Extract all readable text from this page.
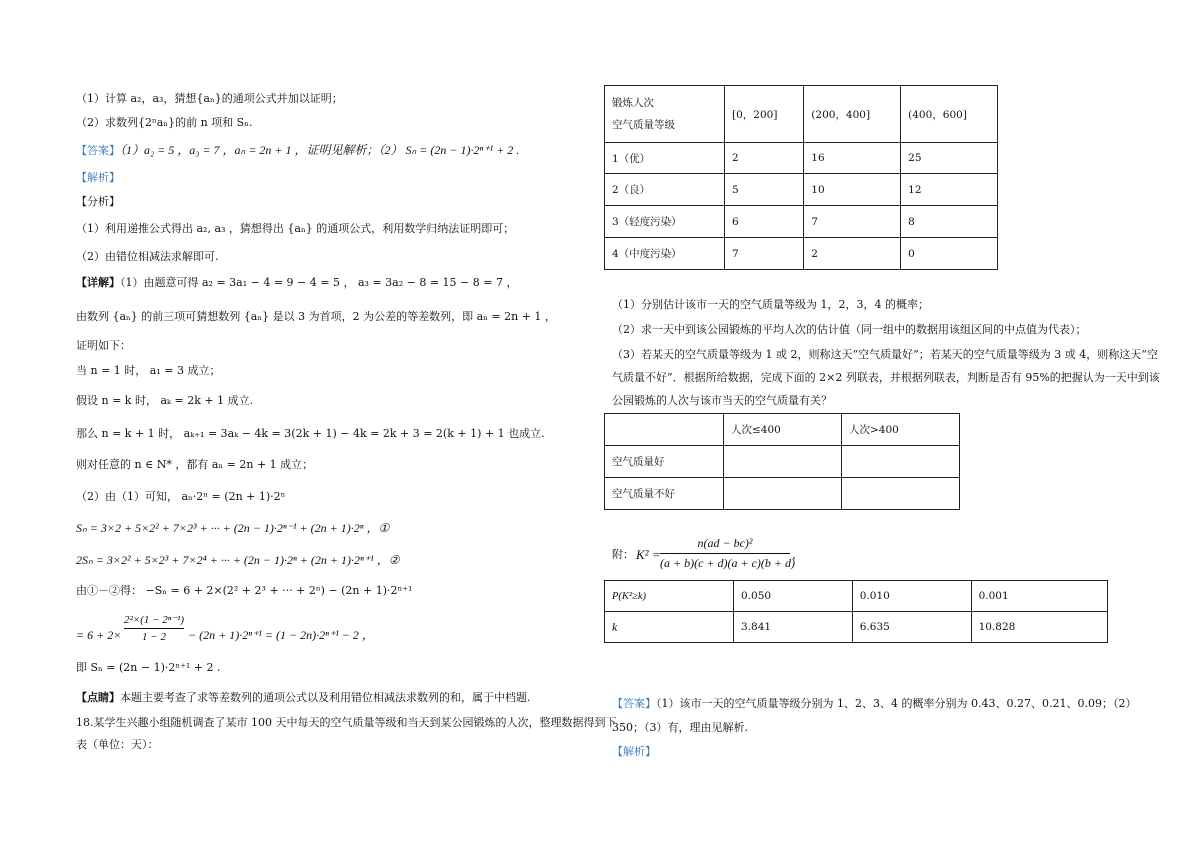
（1）计算 a₂，a₃，猜想{aₙ}的通项公式并加以证明；
（2）求数列{2ⁿaₙ}的前 n 项和 Sₙ.
【答案】（1）a₂ = 5 ，a₃ = 7 ，aₙ = 2n + 1 ，证明见解析；（2） Sₙ = (2n − 1)·2ⁿ⁺¹ + 2 .
【解析】
【分析】
（1）利用递推公式得出 a₂, a₃ ，猜想得出 {aₙ} 的通项公式，利用数学归纳法证明即可；
（2）由错位相减法求解即可.
【详解】（1）由题意可得 a₂ = 3a₁ − 4 = 9 − 4 = 5 ， a₃ = 3a₂ − 8 = 15 − 8 = 7 ，
由数列 {aₙ} 的前三项可猜想数列 {aₙ} 是以 3 为首项，2 为公差的等差数列，即 aₙ = 2n + 1 ，
证明如下：
当 n = 1 时， a₁ = 3 成立；
假设 n = k 时， aₖ = 2k + 1 成立.
那么 n = k + 1 时， aₖ₊₁ = 3aₖ − 4k = 3(2k + 1) − 4k = 2k + 3 = 2(k + 1) + 1 也成立.
则对任意的 n ∈ N* ，都有 aₙ = 2n + 1 成立；
（2）由（1）可知， aₙ·2ⁿ = (2n + 1)·2ⁿ
Sₙ = 3×2 + 5×2² + 7×2³ + ··· + (2n − 1)·2ⁿ⁻¹ + (2n + 1)·2ⁿ ，①
2Sₙ = 3×2² + 5×2³ + 7×2⁴ + ··· + (2n − 1)·2ⁿ + (2n + 1)·2ⁿ⁺¹ ，②
由①－②得： −Sₙ = 6 + 2×(2² + 2³ + ··· + 2ⁿ) − (2n + 1)·2ⁿ⁺¹
= 6 + 2×
2²×(1 − 2ⁿ⁻¹)
1 − 2	− (2n + 1)·2ⁿ⁺¹ = (1 − 2n)·2ⁿ⁺¹ − 2 ，
即 Sₙ = (2n − 1)·2ⁿ⁺¹ + 2 .
【点睛】本题主要考查了求等差数列的通项公式以及利用错位相减法求数列的和，属于中档题.
18.某学生兴趣小组随机调查了某市 100 天中每天的空气质量等级和当天到某公园锻炼的人次，整理数据得到下
表（单位：天）：
锻炼人次
空气质量等级	[0，200]	(200，400]	(400，600]
1（优）	2	16	25
2（良）	5	10	12
3（轻度污染）	6	7	8
4（中度污染）	7	2	0
（1）分别估计该市一天的空气质量等级为 1，2，3，4 的概率；
（2）求一天中到该公园锻炼的平均人次的估计值（同一组中的数据用该组区间的中点值为代表）；
（3）若某天的空气质量等级为 1 或 2，则称这天“空气质量好”；若某天的空气质量等级为 3 或 4，则称这天“空
气质量不好”．根据所给数据，完成下面的 2×2 列联表，并根据列联表，判断是否有 95%的把握认为一天中到该
公园锻炼的人次与该市当天的空气质量有关？
	人次≤400	人次>400
空气质量好		
空气质量不好		
附： K² =
n(ad − bc)²
(a + b)(c + d)(a + c)(b + d)
，
P(K²≥k)	0.050	0.010	0.001
k	3.841	6.635	10.828
【答案】（1）该市一天的空气质量等级分别为 1、2、3、4 的概率分别为 0.43、0.27、0.21、0.09；（2）
350；（3）有，理由见解析.
【解析】
